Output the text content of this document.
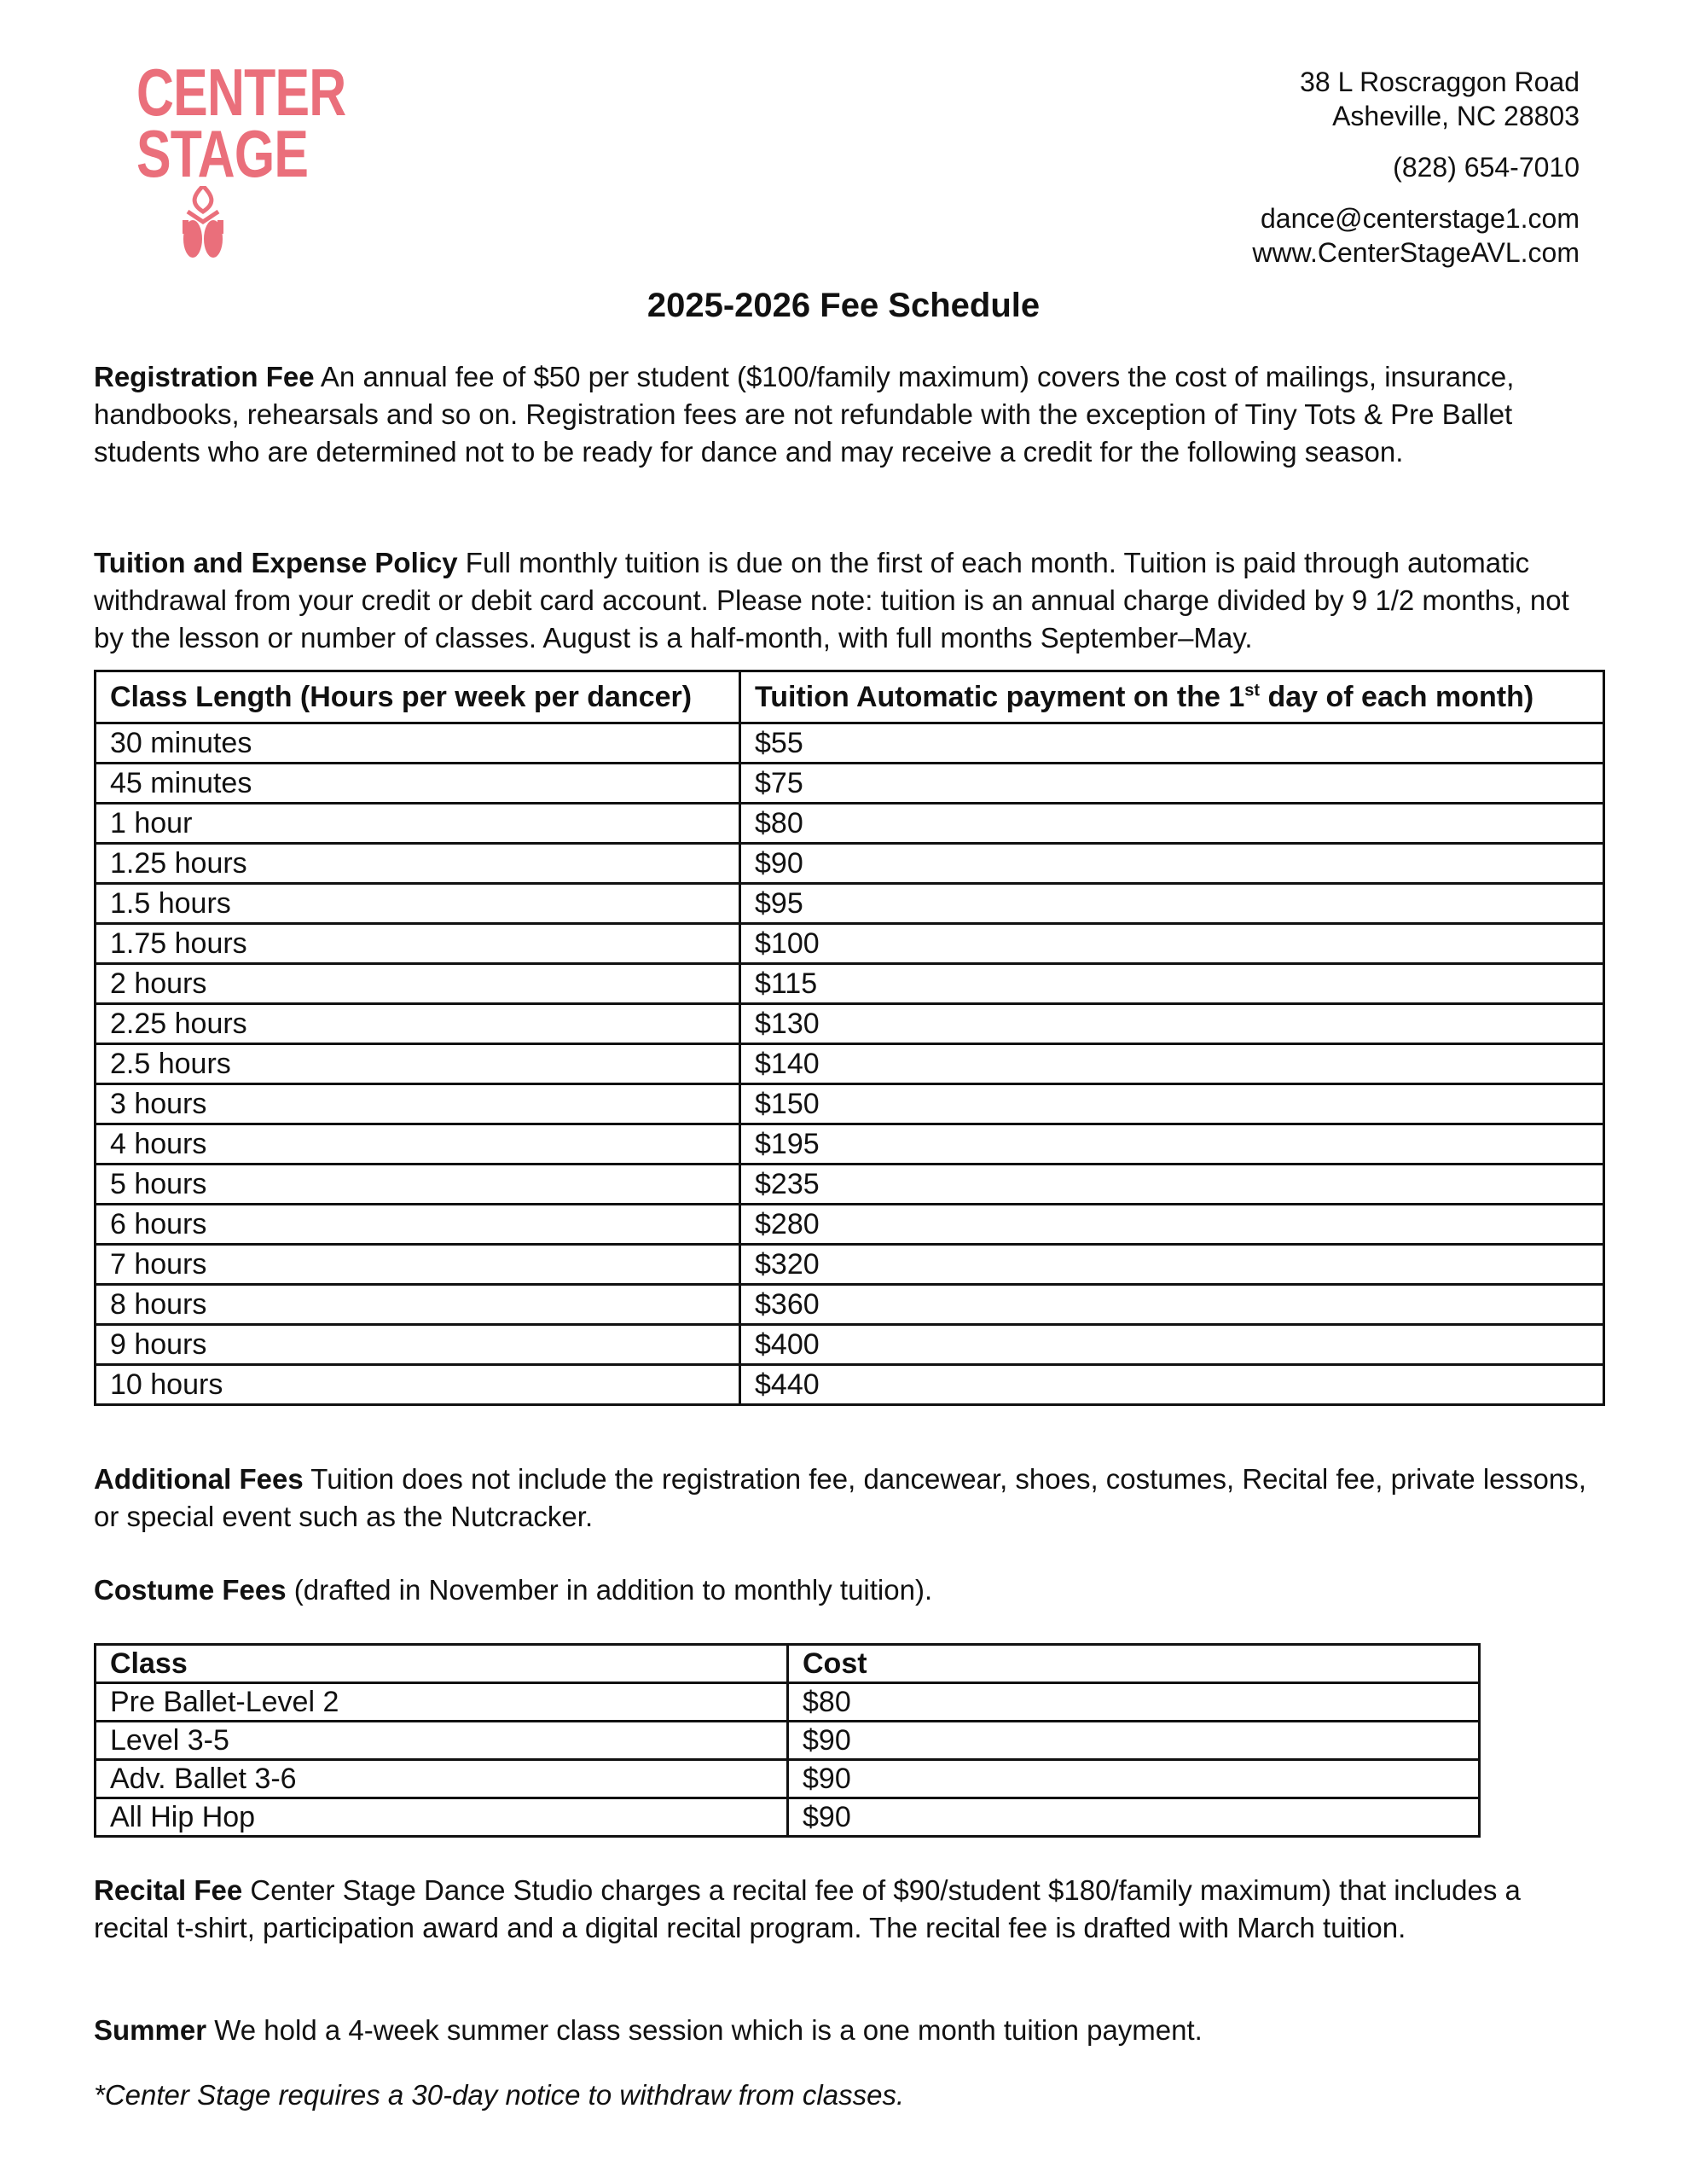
CENTER
STAGE
38 L Roscraggon Road
Asheville, NC 28803
(828) 654-7010
dance@centerstage1.com
www.CenterStageAVL.com
2025-2026 Fee Schedule
Registration Fee An annual fee of $50 per student ($100/family maximum) covers the cost of mailings, insurance, handbooks, rehearsals and so on. Registration fees are not refundable with the exception of Tiny Tots & Pre Ballet students who are determined not to be ready for dance and may receive a credit for the following season.
Tuition and Expense Policy Full monthly tuition is due on the first of each month. Tuition is paid through automatic withdrawal from your credit or debit card account. Please note: tuition is an annual charge divided by 9 1/2 months, not by the lesson or number of classes. August is a half-month, with full months September–May.
Class Length (Hours per week per dancer)	Tuition Automatic payment on the 1st day of each month)
30 minutes	$55
45 minutes	$75
1 hour	$80
1.25 hours	$90
1.5 hours	$95
1.75 hours	$100
2 hours	$115
2.25 hours	$130
2.5 hours	$140
3 hours	$150
4 hours	$195
5 hours	$235
6 hours	$280
7 hours	$320
8 hours	$360
9 hours	$400
10 hours	$440
Additional Fees Tuition does not include the registration fee, dancewear, shoes, costumes, Recital fee, private lessons, or special event such as the Nutcracker.
Costume Fees (drafted in November in addition to monthly tuition).
Class	Cost
Pre Ballet-Level 2	$80
Level 3-5	$90
Adv. Ballet 3-6	$90
All Hip Hop	$90
Recital Fee Center Stage Dance Studio charges a recital fee of $90/student $180/family maximum) that includes a recital t-shirt, participation award and a digital recital program. The recital fee is drafted with March tuition.
Summer We hold a 4-week summer class session which is a one month tuition payment.
*Center Stage requires a 30-day notice to withdraw from classes.
